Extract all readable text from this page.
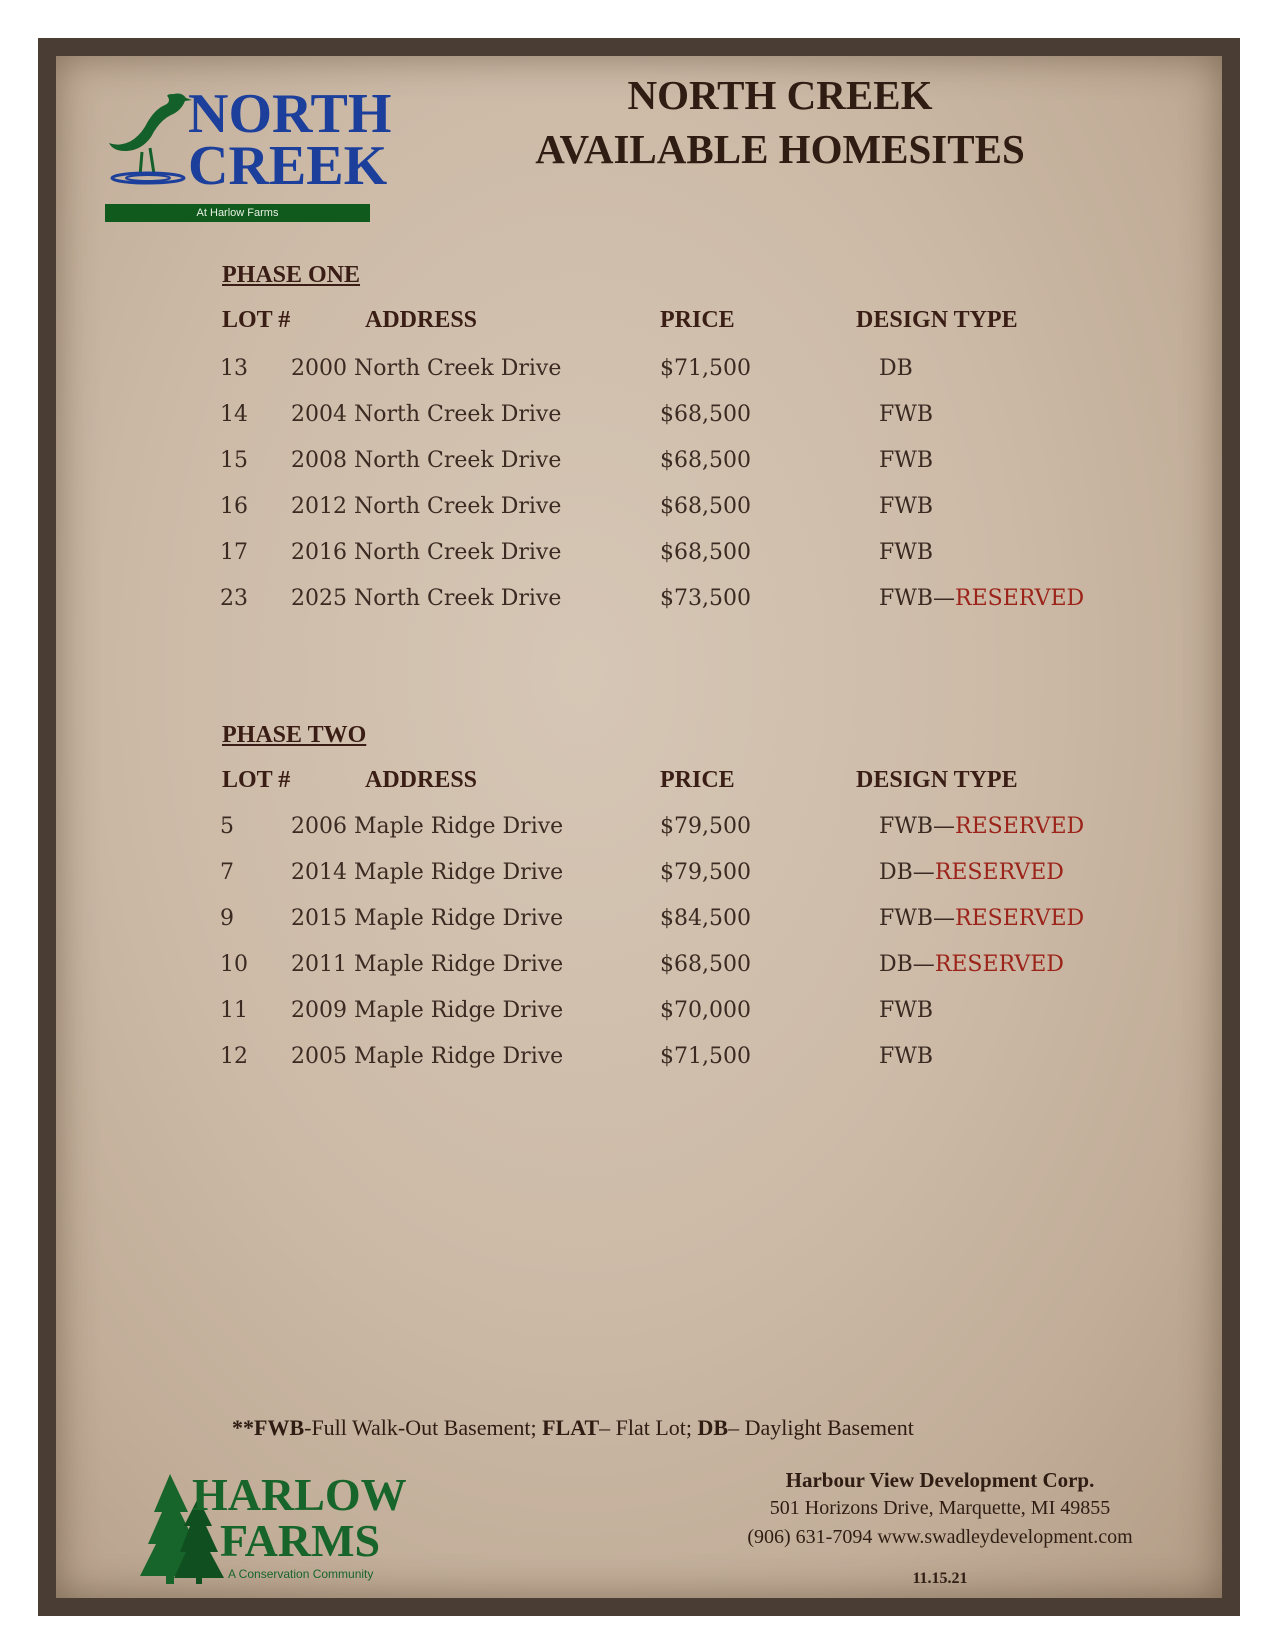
NORTH
CREEK
At Harlow Farms
NORTH CREEK
AVAILABLE HOMESITES
PHASE ONE
LOT #	ADDRESS	PRICE	DESIGN TYPE
13 2000 North Creek Drive	$71,500	DB
14 2004 North Creek Drive	$68,500	FWB
15 2008 North Creek Drive	$68,500	FWB
16 2012 North Creek Drive	$68,500	FWB
17 2016 North Creek Drive	$68,500	FWB
23 2025 North Creek Drive	$73,500	FWB—RESERVED
PHASE TWO
LOT #	ADDRESS	PRICE	DESIGN TYPE
5	2006 Maple Ridge Drive	$79,500	FWB—RESERVED
7	2014 Maple Ridge Drive	$79,500	DB—RESERVED
9	2015 Maple Ridge Drive	$84,500	FWB—RESERVED
10 2011 Maple Ridge Drive	$68,500	DB—RESERVED
11 2009 Maple Ridge Drive	$70,000	FWB
12 2005 Maple Ridge Drive	$71,500	FWB
**FWB-Full Walk-Out Basement; FLAT– Flat Lot; DB– Daylight Basement
HARLOW
FARMS
A Conservation Community
Harbour View Development Corp.
501 Horizons Drive, Marquette, MI 49855
(906) 631-7094 www.swadleydevelopment.com
11.15.21
